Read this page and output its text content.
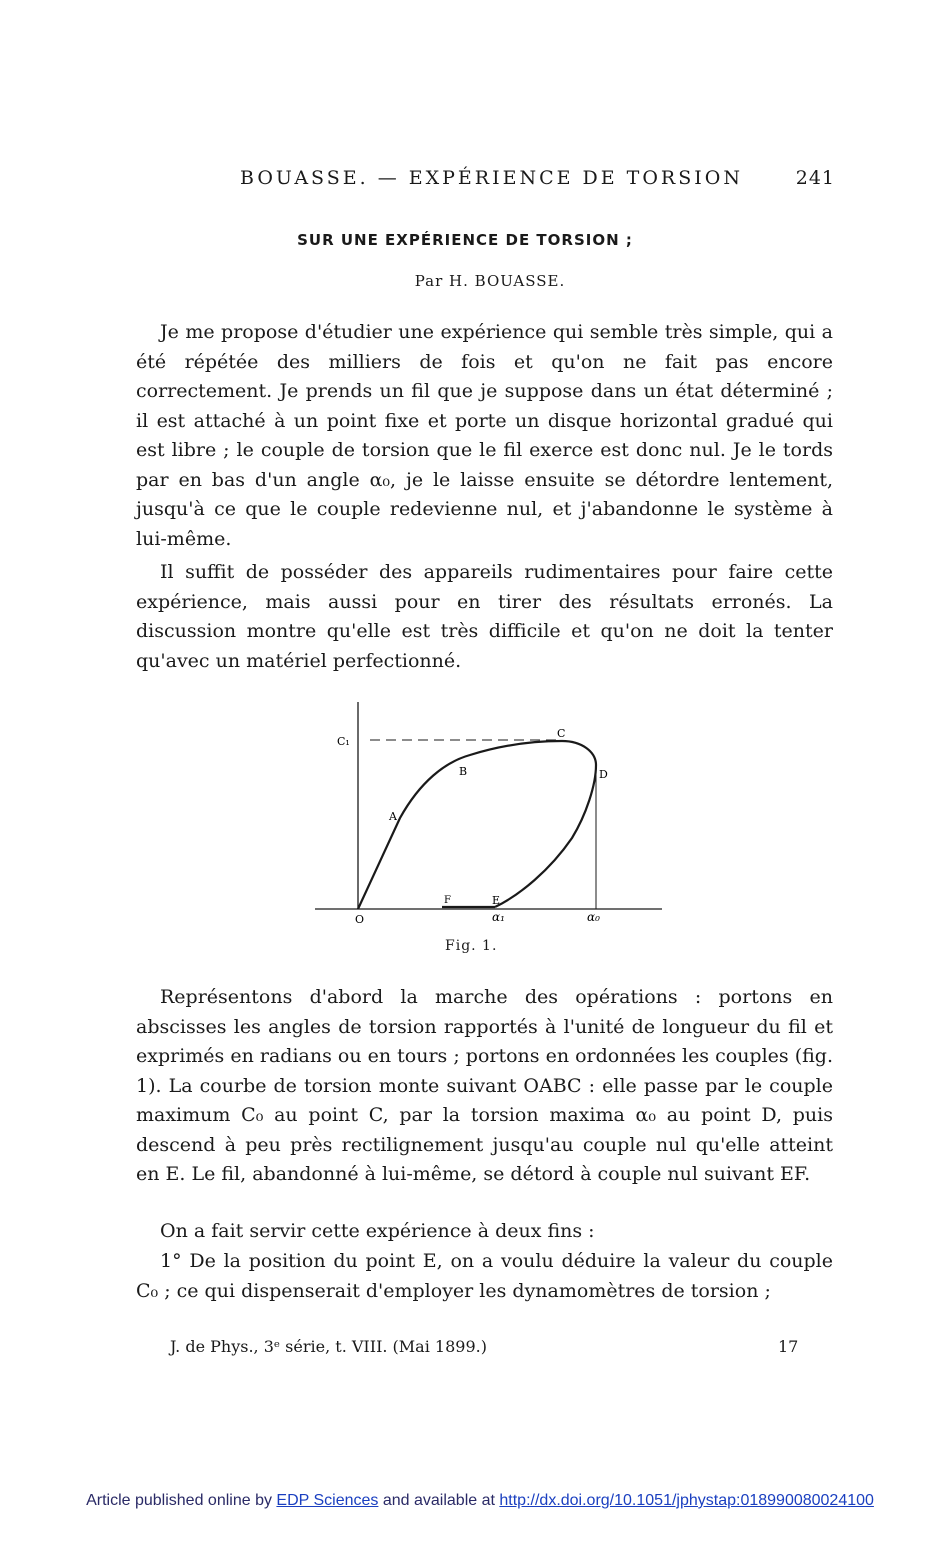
BOUASSE. — EXPÉRIENCE DE TORSION	241
SUR UNE EXPÉRIENCE DE TORSION ;
Par H. BOUASSE.

Je me propose d'étudier une expérience qui semble très simple, qui a été répétée des milliers de fois et qu'on ne fait pas encore correctement. Je prends un fil que je suppose dans un état déterminé ; il est attaché à un point fixe et porte un disque horizontal gradué qui est libre ; le couple de torsion que le fil exerce est donc nul. Je le tords par en bas d'un angle α₀, je le laisse ensuite se détordre lentement, jusqu'à ce que le couple redevienne nul, et j'abandonne le système à lui-même.

Il suffit de posséder des appareils rudimentaires pour faire cette expérience, mais aussi pour en tirer des résultats erronés. La discussion montre qu'elle est très difficile et qu'on ne doit la tenter qu'avec un matériel perfectionné.

C₁
C
B	D
A
F	E
O	α₁	α₀
Fig. 1.

Représentons d'abord la marche des opérations : portons en abscisses les angles de torsion rapportés à l'unité de longueur du fil et exprimés en radians ou en tours ; portons en ordonnées les couples (fig. 1). La courbe de torsion monte suivant OABC : elle passe par le couple maximum C₀ au point C, par la torsion maxima α₀ au point D, puis descend à peu près rectilignement jusqu'au couple nul qu'elle atteint en E. Le fil, abandonné à lui-même, se détord à couple nul suivant EF.

On a fait servir cette expérience à deux fins :

1° De la position du point E, on a voulu déduire la valeur du couple C₀ ; ce qui dispenserait d'employer les dynamomètres de torsion ;

J. de Phys., 3ᵉ série, t. VIII. (Mai 1899.)	17
Article published online by EDP Sciences and available at http://dx.doi.org/10.1051/jphystap:018990080024100
